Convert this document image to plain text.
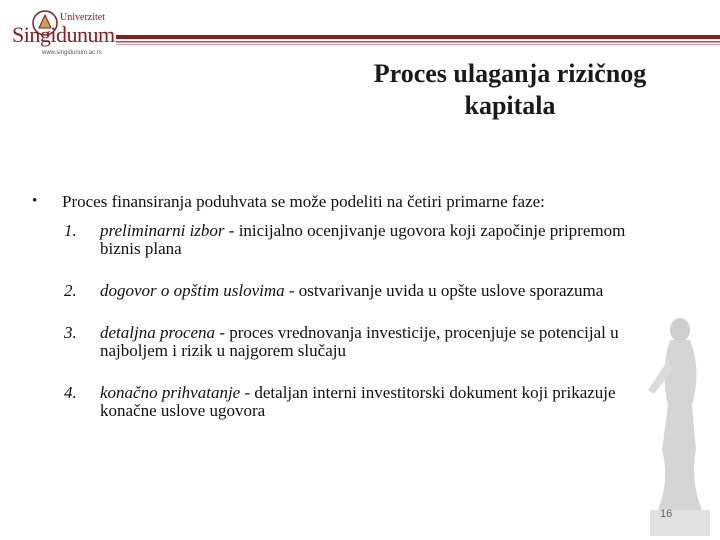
Univerzitet
Singidunum
www.singidunum.ac.rs
Proces ulaganja rizičnog kapitala
•	Proces finansiranja poduhvata se može podeliti na četiri primarne faze:
1.	preliminarni izbor - inicijalno ocenjivanje ugovora koji započinje pripremom biznis plana
2.	dogovor o opštim uslovima - ostvarivanje uvida u opšte uslove sporazuma
3.	detaljna procena - proces vrednovanja investicije, procenjuje se potencijal u najboljem i rizik u najgorem slučaju
4.	konačno prihvatanje - detaljan interni investitorski dokument koji prikazuje konačne uslove ugovora
16
